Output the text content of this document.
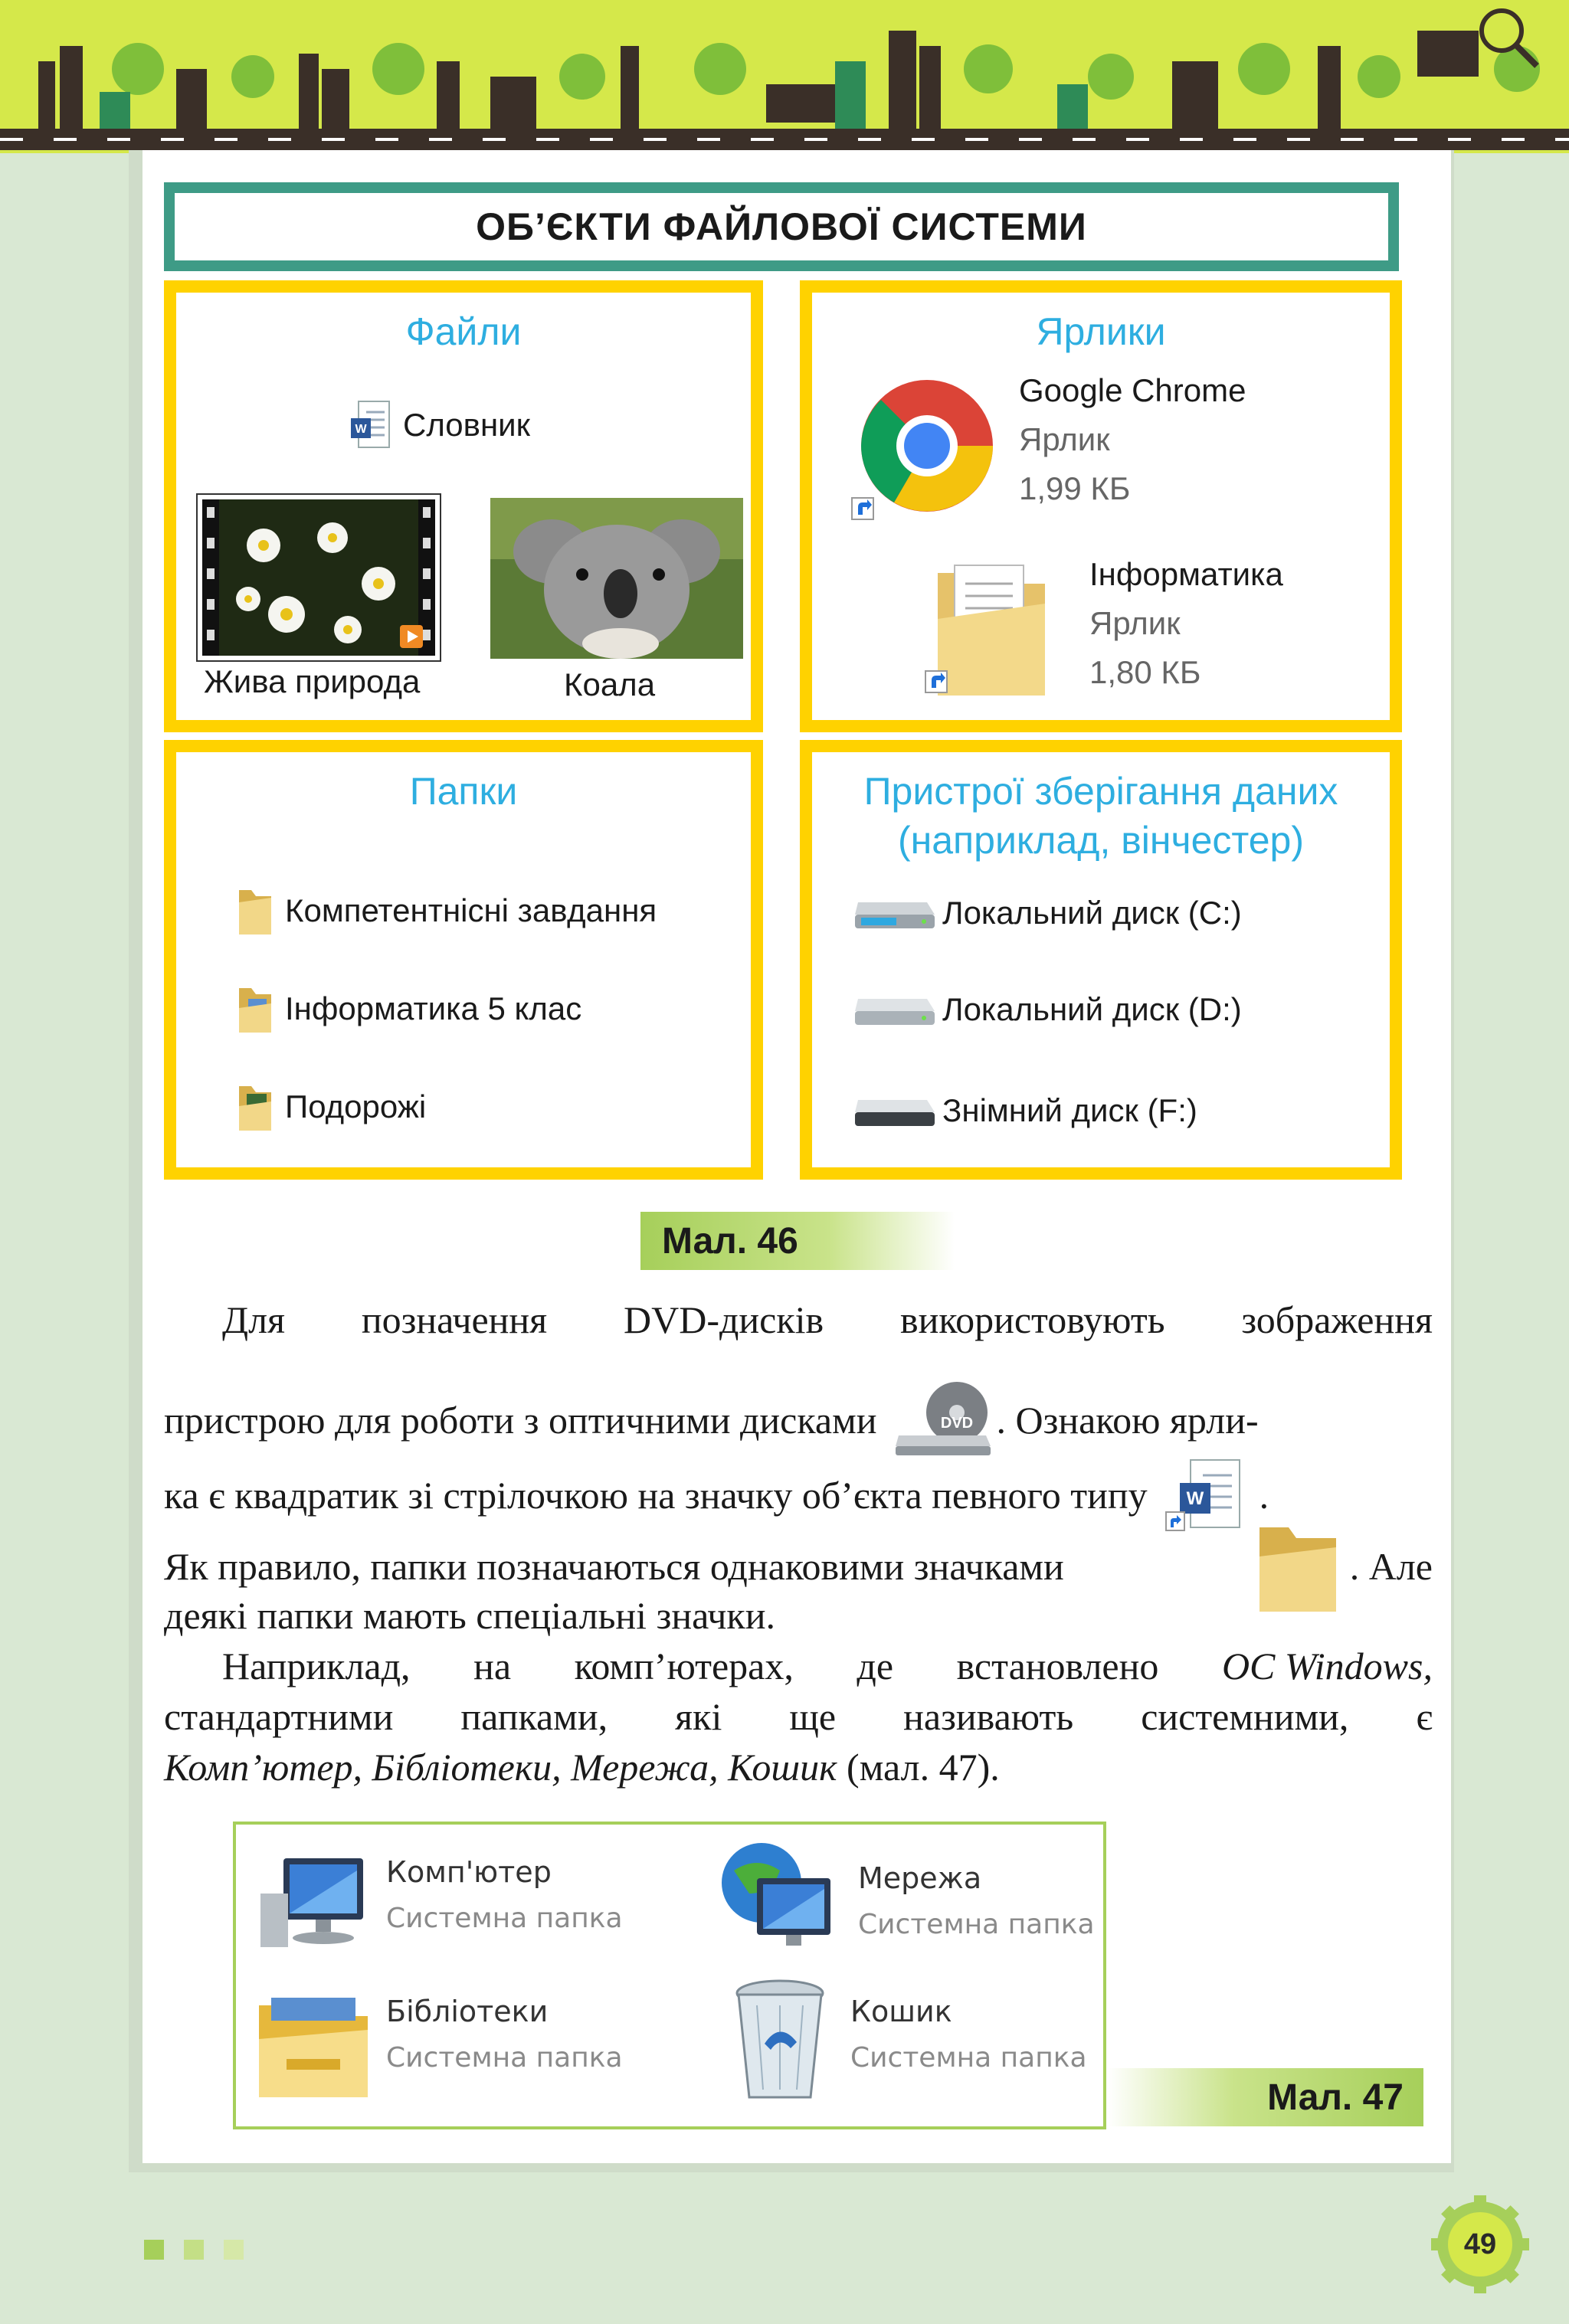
ОБ’ЄКТИ ФАЙЛОВОЇ СИСТЕМИ
Файли
W Словник
Жива природа	Коала
Ярлики
Google Chrome
Ярлик
1,99 КБ
Інформатика
Ярлик
1,80 КБ
Папки
Компетентнісні завдання
Інформатика 5 клас
Подорожі
Пристрої зберігання даних
(наприклад, вінчестер)
Локальний диск (C:)
Локальний диск (D:)
Знімний диск (F:)
Мал. 46
Для позначення DVD-дисків використовують зображення
пристрою для роботи з оптичними дисками	DVD . Ознакою ярли-
ка є квадратик зі стрілочкою на значку об’єкта певного типу W .
Як правило, папки позначаються однаковими значками	. Але
деякі папки мають спеціальні значки.
Наприклад, на комп’ютерах, де встановлено ОС Windows,
стандартними папками, які ще називають системними, є
Комп’ютер, Бібліотеки, Мережа, Кошик (мал. 47).
Комп'ютер
Системна папка
Мережа
Системна папка
Бібліотеки
Системна папка
Кошик
Системна папка
Мал. 47
49
